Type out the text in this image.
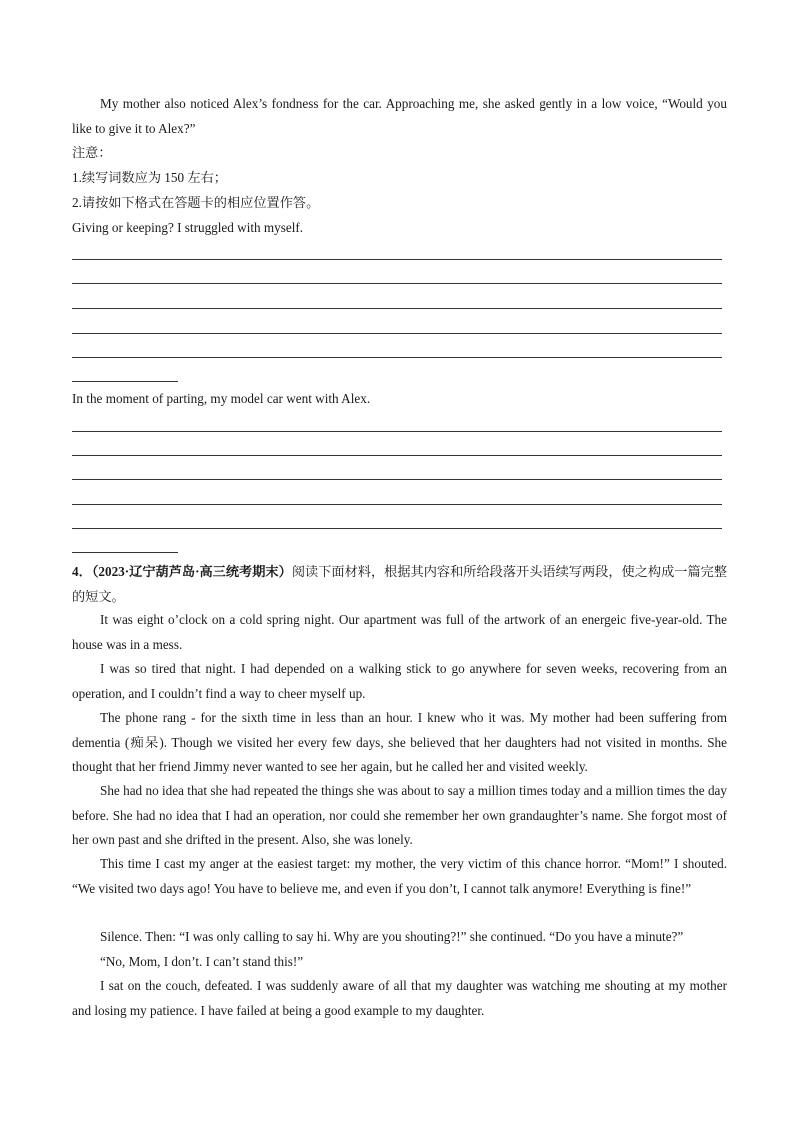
My mother also noticed Alex’s fondness for the car. Approaching me, she asked gently in a low voice, “Would you like to give it to Alex?”

注意：

1.续写词数应为 150 左右；

2.请按如下格式在答题卡的相应位置作答。

Giving or keeping? I struggled with myself.

In the moment of parting, my model car went with Alex.

4．（2023·辽宁葫芦岛·高三统考期末）阅读下面材料，根据其内容和所给段落开头语续写两段，使之构成一篇完整的短文。

It was eight o’clock on a cold spring night. Our apartment was full of the artwork of an energeic five-year-old. The house was in a mess.

I was so tired that night. I had depended on a walking stick to go anywhere for seven weeks, recovering from an operation, and I couldn’t find a way to cheer myself up.

The phone rang - for the sixth time in less than an hour. I knew who it was. My mother had been suffering from dementia (痴呆). Though we visited her every few days, she believed that her daughters had not visited in months. She thought that her friend Jimmy never wanted to see her again, but he called her and visited weekly.

She had no idea that she had repeated the things she was about to say a million times today and a million times the day before. She had no idea that I had an operation, nor could she remember her own grandaughter’s name. She forgot most of her own past and she drifted in the present. Also, she was lonely.

This time I cast my anger at the easiest target: my mother, the very victim of this chance horror. “Mom!” I shouted. “We visited two days ago! You have to believe me, and even if you don’t, I cannot talk anymore! Everything is fine!”

Silence. Then: “I was only calling to say hi. Why are you shouting?!” she continued. “Do you have a minute?”

“No, Mom, I don’t. I can’t stand this!”

I sat on the couch, defeated. I was suddenly aware of all that my daughter was watching me shouting at my mother and losing my patience. I have failed at being a good example to my daughter.
